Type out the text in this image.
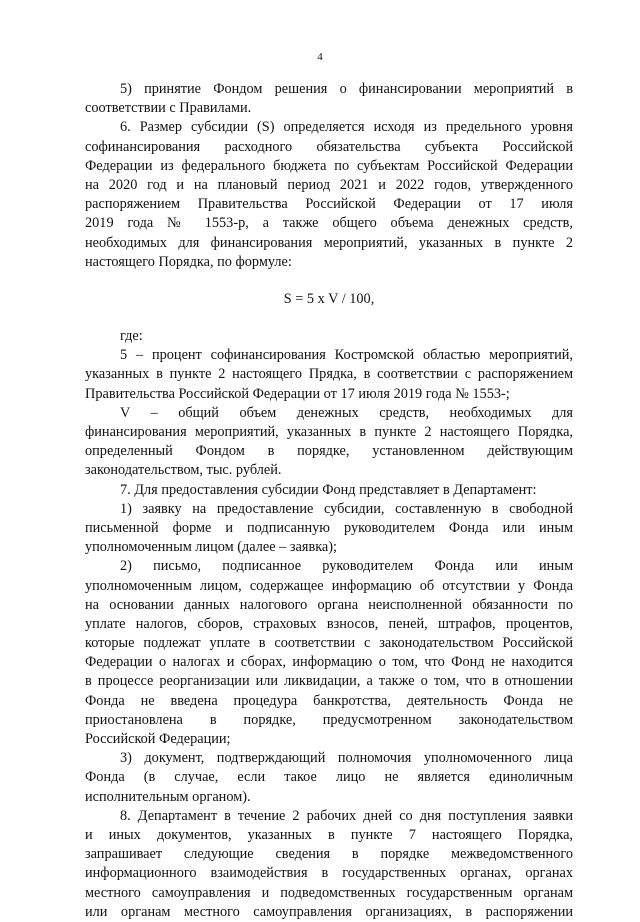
4
5) принятие Фондом решения о финансировании мероприятий в
соответствии с Правилами.
6. Размер субсидии (S) определяется исходя из предельного уровня
софинансирования расходного обязательства субъекта Российской
Федерации из федерального бюджета по субъектам Российской Федерации
на 2020 год и на плановый период 2021 и 2022 годов, утвержденного
распоряжением Правительства Российской Федерации от 17 июля
2019 года № 1553-р, а также общего объема денежных средств,
необходимых для финансирования мероприятий, указанных в пункте 2
настоящего Порядка, по формуле:
S = 5 x V / 100,
где:
5 – процент софинансирования Костромской областью мероприятий,
указанных в пункте 2 настоящего Прядка, в соответствии с распоряжением
Правительства Российской Федерации от 17 июля 2019 года № 1553-;
V – общий объем денежных средств, необходимых для
финансирования мероприятий, указанных в пункте 2 настоящего Порядка,
определенный Фондом в порядке, установленном действующим
законодательством, тыс. рублей.
7. Для предоставления субсидии Фонд представляет в Департамент:
1) заявку на предоставление субсидии, составленную в свободной
письменной форме и подписанную руководителем Фонда или иным
уполномоченным лицом (далее – заявка);
2) письмо, подписанное руководителем Фонда или иным
уполномоченным лицом, содержащее информацию об отсутствии у Фонда
на основании данных налогового органа неисполненной обязанности по
уплате налогов, сборов, страховых взносов, пеней, штрафов, процентов,
которые подлежат уплате в соответствии с законодательством Российской
Федерации о налогах и сборах, информацию о том, что Фонд не находится
в процессе реорганизации или ликвидации, а также о том, что в отношении
Фонда не введена процедура банкротства, деятельность Фонда не
приостановлена в порядке, предусмотренном законодательством
Российской Федерации;
3) документ, подтверждающий полномочия уполномоченного лица
Фонда (в случае, если такое лицо не является единоличным
исполнительным органом).
8. Департамент в течение 2 рабочих дней со дня поступления заявки
и иных документов, указанных в пункте 7 настоящего Порядка,
запрашивает следующие сведения в порядке межведомственного
информационного взаимодействия в государственных органах, органах
местного самоуправления и подведомственных государственным органам
или органам местного самоуправления организациях, в распоряжении
